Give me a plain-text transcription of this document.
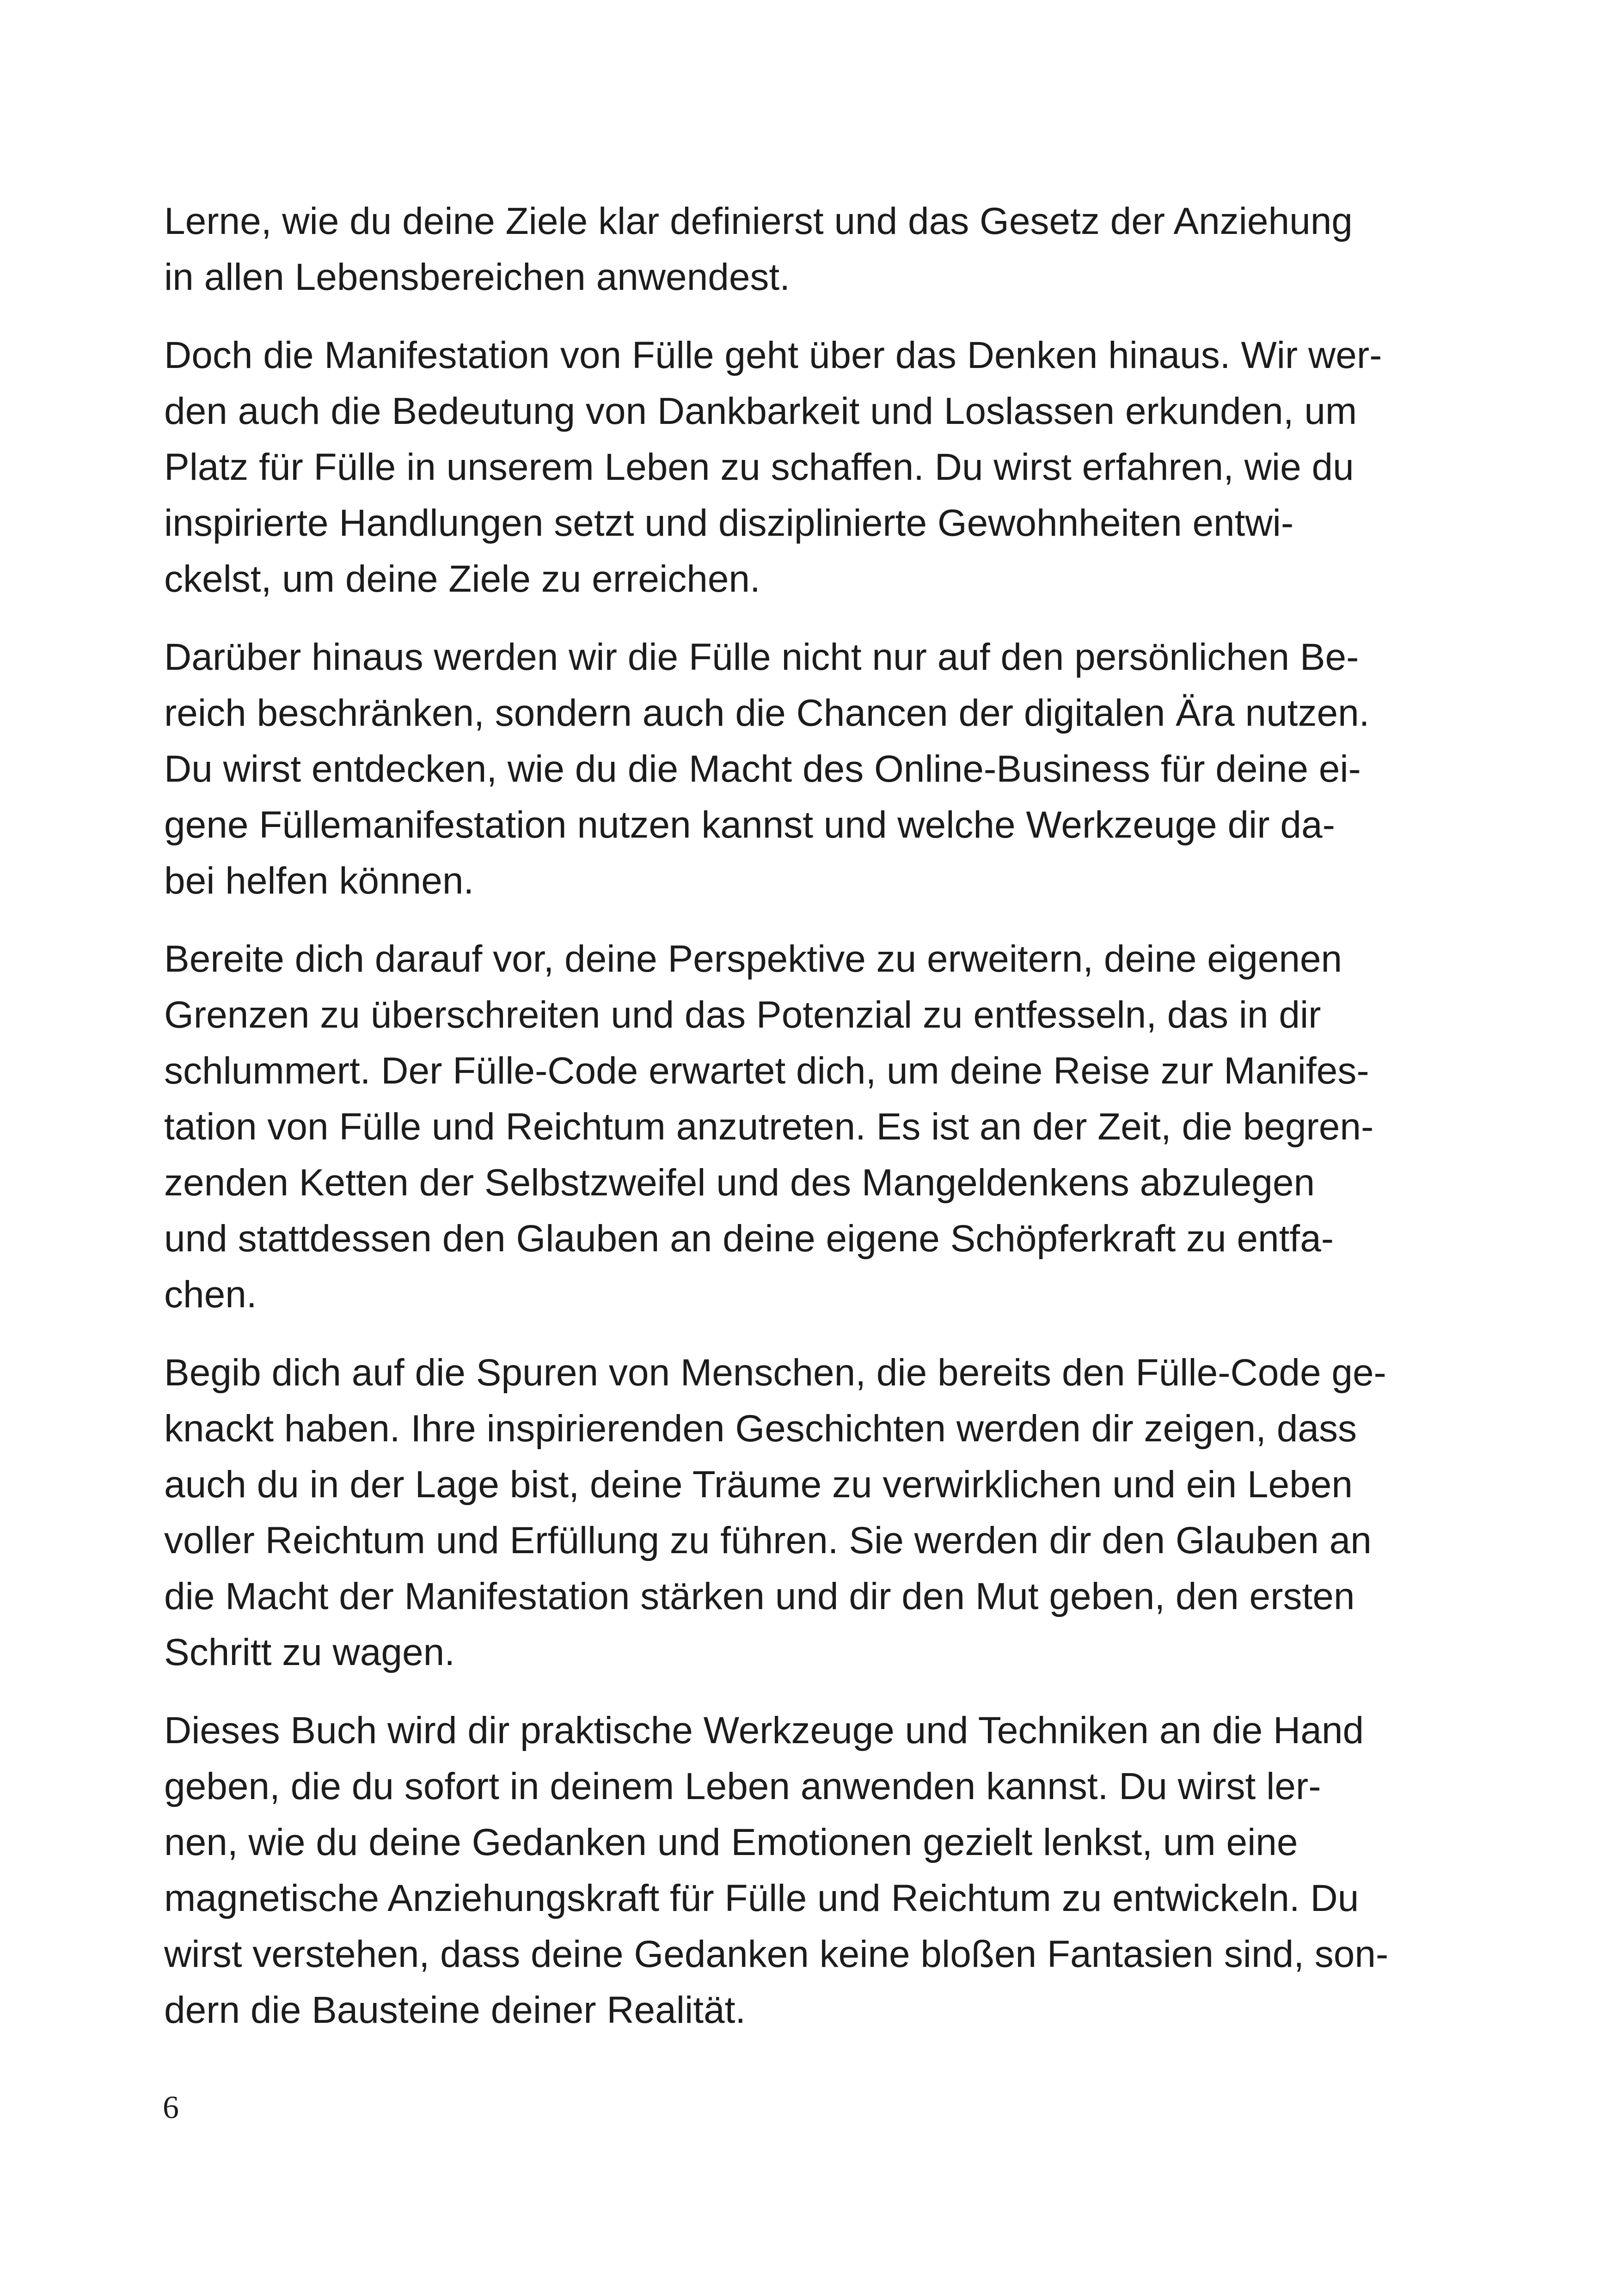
Lerne, wie du deine Ziele klar definierst und das Gesetz der Anziehung
in allen Lebensbereichen anwendest.

Doch die Manifestation von Fülle geht über das Denken hinaus. Wir wer-
den auch die Bedeutung von Dankbarkeit und Loslassen erkunden, um
Platz für Fülle in unserem Leben zu schaffen. Du wirst erfahren, wie du
inspirierte Handlungen setzt und disziplinierte Gewohnheiten entwi-
ckelst, um deine Ziele zu erreichen.

Darüber hinaus werden wir die Fülle nicht nur auf den persönlichen Be-
reich beschränken, sondern auch die Chancen der digitalen Ära nutzen.
Du wirst entdecken, wie du die Macht des Online-Business für deine ei-
gene Füllemanifestation nutzen kannst und welche Werkzeuge dir da-
bei helfen können.

Bereite dich darauf vor, deine Perspektive zu erweitern, deine eigenen
Grenzen zu überschreiten und das Potenzial zu entfesseln, das in dir
schlummert. Der Fülle-Code erwartet dich, um deine Reise zur Manifes-
tation von Fülle und Reichtum anzutreten. Es ist an der Zeit, die begren-
zenden Ketten der Selbstzweifel und des Mangeldenkens abzulegen
und stattdessen den Glauben an deine eigene Schöpferkraft zu entfa-
chen.

Begib dich auf die Spuren von Menschen, die bereits den Fülle-Code ge-
knackt haben. Ihre inspirierenden Geschichten werden dir zeigen, dass
auch du in der Lage bist, deine Träume zu verwirklichen und ein Leben
voller Reichtum und Erfüllung zu führen. Sie werden dir den Glauben an
die Macht der Manifestation stärken und dir den Mut geben, den ersten
Schritt zu wagen.

Dieses Buch wird dir praktische Werkzeuge und Techniken an die Hand
geben, die du sofort in deinem Leben anwenden kannst. Du wirst ler-
nen, wie du deine Gedanken und Emotionen gezielt lenkst, um eine
magnetische Anziehungskraft für Fülle und Reichtum zu entwickeln. Du
wirst verstehen, dass deine Gedanken keine bloßen Fantasien sind, son-
dern die Bausteine deiner Realität.

6
